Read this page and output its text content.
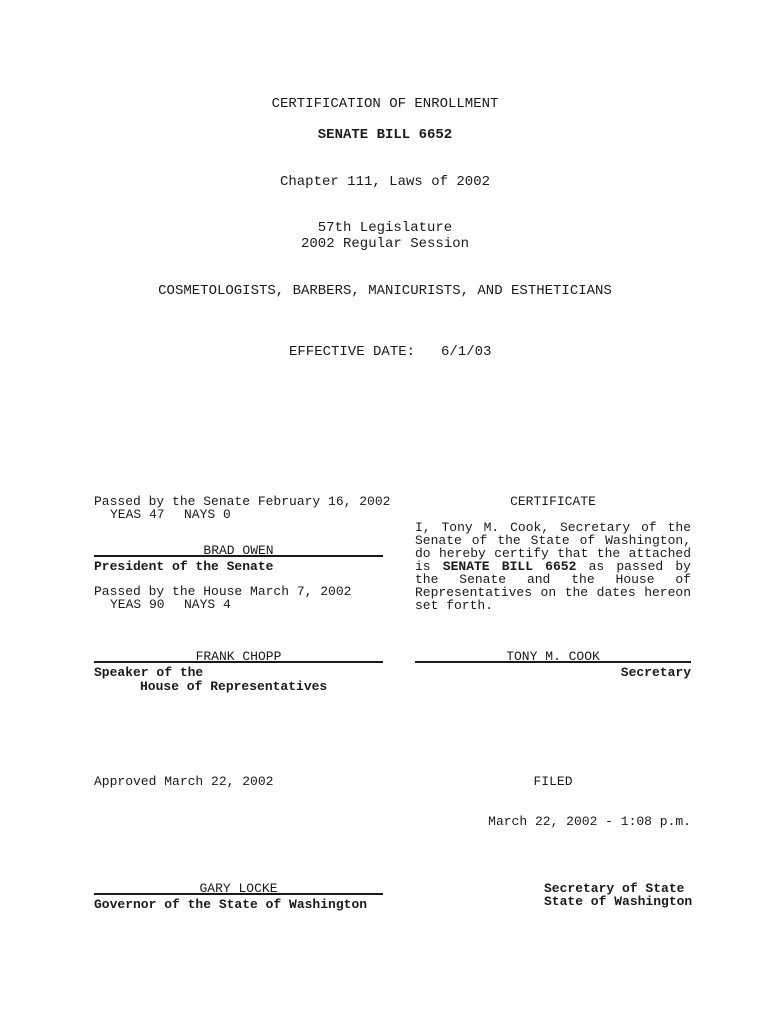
CERTIFICATION OF ENROLLMENT
SENATE BILL 6652
Chapter 111, Laws of 2002
57th Legislature
2002 Regular Session
COSMETOLOGISTS, BARBERS, MANICURISTS, AND ESTHETICIANS
EFFECTIVE DATE: 6/1/03
Passed by the Senate February 16, 2002
YEAS 47 NAYS 0
BRAD OWEN
President of the Senate
Passed by the House March 7, 2002
YEAS 90 NAYS 4
FRANK CHOPP
Speaker of the
House of Representatives
CERTIFICATE
I, Tony M. Cook, Secretary of the Senate of the State of Washington, do hereby certify that the attached is SENATE BILL 6652 as passed by the Senate and the House of Representatives on the dates hereon set forth.
TONY M. COOK
Secretary
Approved March 22, 2002
GARY LOCKE
Governor of the State of Washington
FILED
March 22, 2002 - 1:08 p.m.
Secretary of State
State of Washington
